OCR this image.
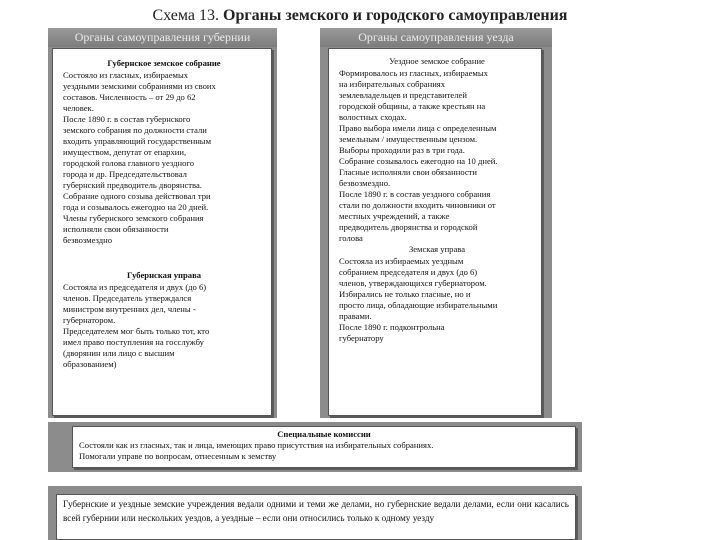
Схема 13. Органы земского и городского самоуправления
Органы самоуправления губернии

Губернское земское собрание

Состояло из гласных, избираемых

уездными земскими собраниями из своих

составов. Численность – от 29 до 62

человек.

После 1890 г. в состав губернского

земского собрания по должности стали

входить управляющий государственным

имуществом, депутат от епархии,

городской голова главного уездного

города и др. Председательствовал

губернский предводитель дворянства.

Собрание одного созыва действовал три

года и созывалось ежегодно на 20 дней.

Члены губернского земского собрания

исполняли свои обязанности

безвозмездно

Губернская управа

Состояла из председателя и двух (до 6)

членов. Председатель утверждался

министром внутренних дел, члены -

губернатором.

Председателем мог быть только тот, кто

имел право поступления на госслужбу

(дворянин или лицо с высшим

образованием)

Органы самоуправления уезда

Уездное земское собрание

Формировалось из гласных, избираемых

на избирательных собраниях

землевладельцев и представителей

городской общины, а также крестьян на

волостных сходах.

Право выбора имели лица с определенным

земельным / имущественным цензом.

Выборы проходили раз в три года.

Собрание созывалось ежегодно на 10 дней.

Гласные исполняли свои обязанности

безвозмездно.

После 1890 г. в состав уездного собрания

стали по должности входить чиновники от

местных учреждений, а также

предводитель дворянства и городской

голова

Земская управа

Состояла из избираемых уездным

собранием председателя и двух (до 6)

членов, утверждающихся губернатором.

Избирались не только гласные, но и

просто лица, обладающие избирательными

правами.

После 1890 г. подконтрольна

губернатору

Специальные комиссии

Состояли как из гласных, так и лица, имеющих право присутствия на избирательных собраниях.

Помогали управе по вопросам, отнесенным к земству

Губернские и уездные земские учреждения ведали одними и теми же делами, но губернские ведали делами, если они касались всей губернии или нескольких уездов, а уездные – если они относились только к одному уезду
